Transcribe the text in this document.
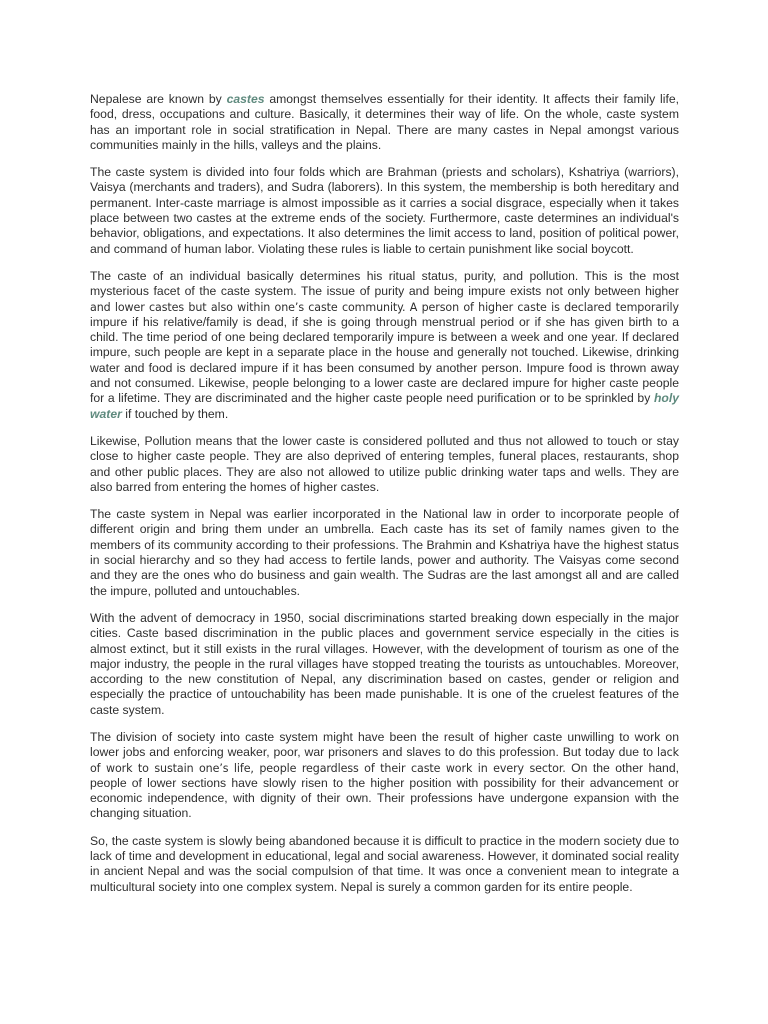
Nepalese are known by castes amongst themselves essentially for their identity. It affects their family life, food, dress, occupations and culture. Basically, it determines their way of life. On the whole, caste system has an important role in social stratification in Nepal. There are many castes in Nepal amongst various communities mainly in the hills, valleys and the plains.

The caste system is divided into four folds which are Brahman (priests and scholars), Kshatriya (warriors), Vaisya (merchants and traders), and Sudra (laborers). In this system, the membership is both hereditary and permanent. Inter-caste marriage is almost impossible as it carries a social disgrace, especially when it takes place between two castes at the extreme ends of the society. Furthermore, caste determines an individual's behavior, obligations, and expectations. It also determines the limit access to land, position of political power, and command of human labor. Violating these rules is liable to certain punishment like social boycott.

The caste of an individual basically determines his ritual status, purity, and pollution. This is the most mysterious facet of the caste system. The issue of purity and being impure exists not only between higher and lower castes but also within one’s caste community. A person of higher caste is declared temporarily impure if his relative/family is dead, if she is going through menstrual period or if she has given birth to a child. The time period of one being declared temporarily impure is between a week and one year. If declared impure, such people are kept in a separate place in the house and generally not touched. Likewise, drinking water and food is declared impure if it has been consumed by another person. Impure food is thrown away and not consumed. Likewise, people belonging to a lower caste are declared impure for higher caste people for a lifetime. They are discriminated and the higher caste people need purification or to be sprinkled by holy water if touched by them.

Likewise, Pollution means that the lower caste is considered polluted and thus not allowed to touch or stay close to higher caste people. They are also deprived of entering temples, funeral places, restaurants, shop and other public places. They are also not allowed to utilize public drinking water taps and wells. They are also barred from entering the homes of higher castes.

The caste system in Nepal was earlier incorporated in the National law in order to incorporate people of different origin and bring them under an umbrella. Each caste has its set of family names given to the members of its community according to their professions. The Brahmin and Kshatriya have the highest status in social hierarchy and so they had access to fertile lands, power and authority. The Vaisyas come second and they are the ones who do business and gain wealth. The Sudras are the last amongst all and are called the impure, polluted and untouchables.

With the advent of democracy in 1950, social discriminations started breaking down especially in the major cities. Caste based discrimination in the public places and government service especially in the cities is almost extinct, but it still exists in the rural villages. However, with the development of tourism as one of the major industry, the people in the rural villages have stopped treating the tourists as untouchables. Moreover, according to the new constitution of Nepal, any discrimination based on castes, gender or religion and especially the practice of untouchability has been made punishable. It is one of the cruelest features of the caste system.

The division of society into caste system might have been the result of higher caste unwilling to work on lower jobs and enforcing weaker, poor, war prisoners and slaves to do this profession. But today due to lack of work to sustain one’s life, people regardless of their caste work in every sector. On the other hand, people of lower sections have slowly risen to the higher position with possibility for their advancement or economic independence, with dignity of their own. Their professions have undergone expansion with the changing situation.

So, the caste system is slowly being abandoned because it is difficult to practice in the modern society due to lack of time and development in educational, legal and social awareness. However, it dominated social reality in ancient Nepal and was the social compulsion of that time. It was once a convenient mean to integrate a multicultural society into one complex system. Nepal is surely a common garden for its entire people.
